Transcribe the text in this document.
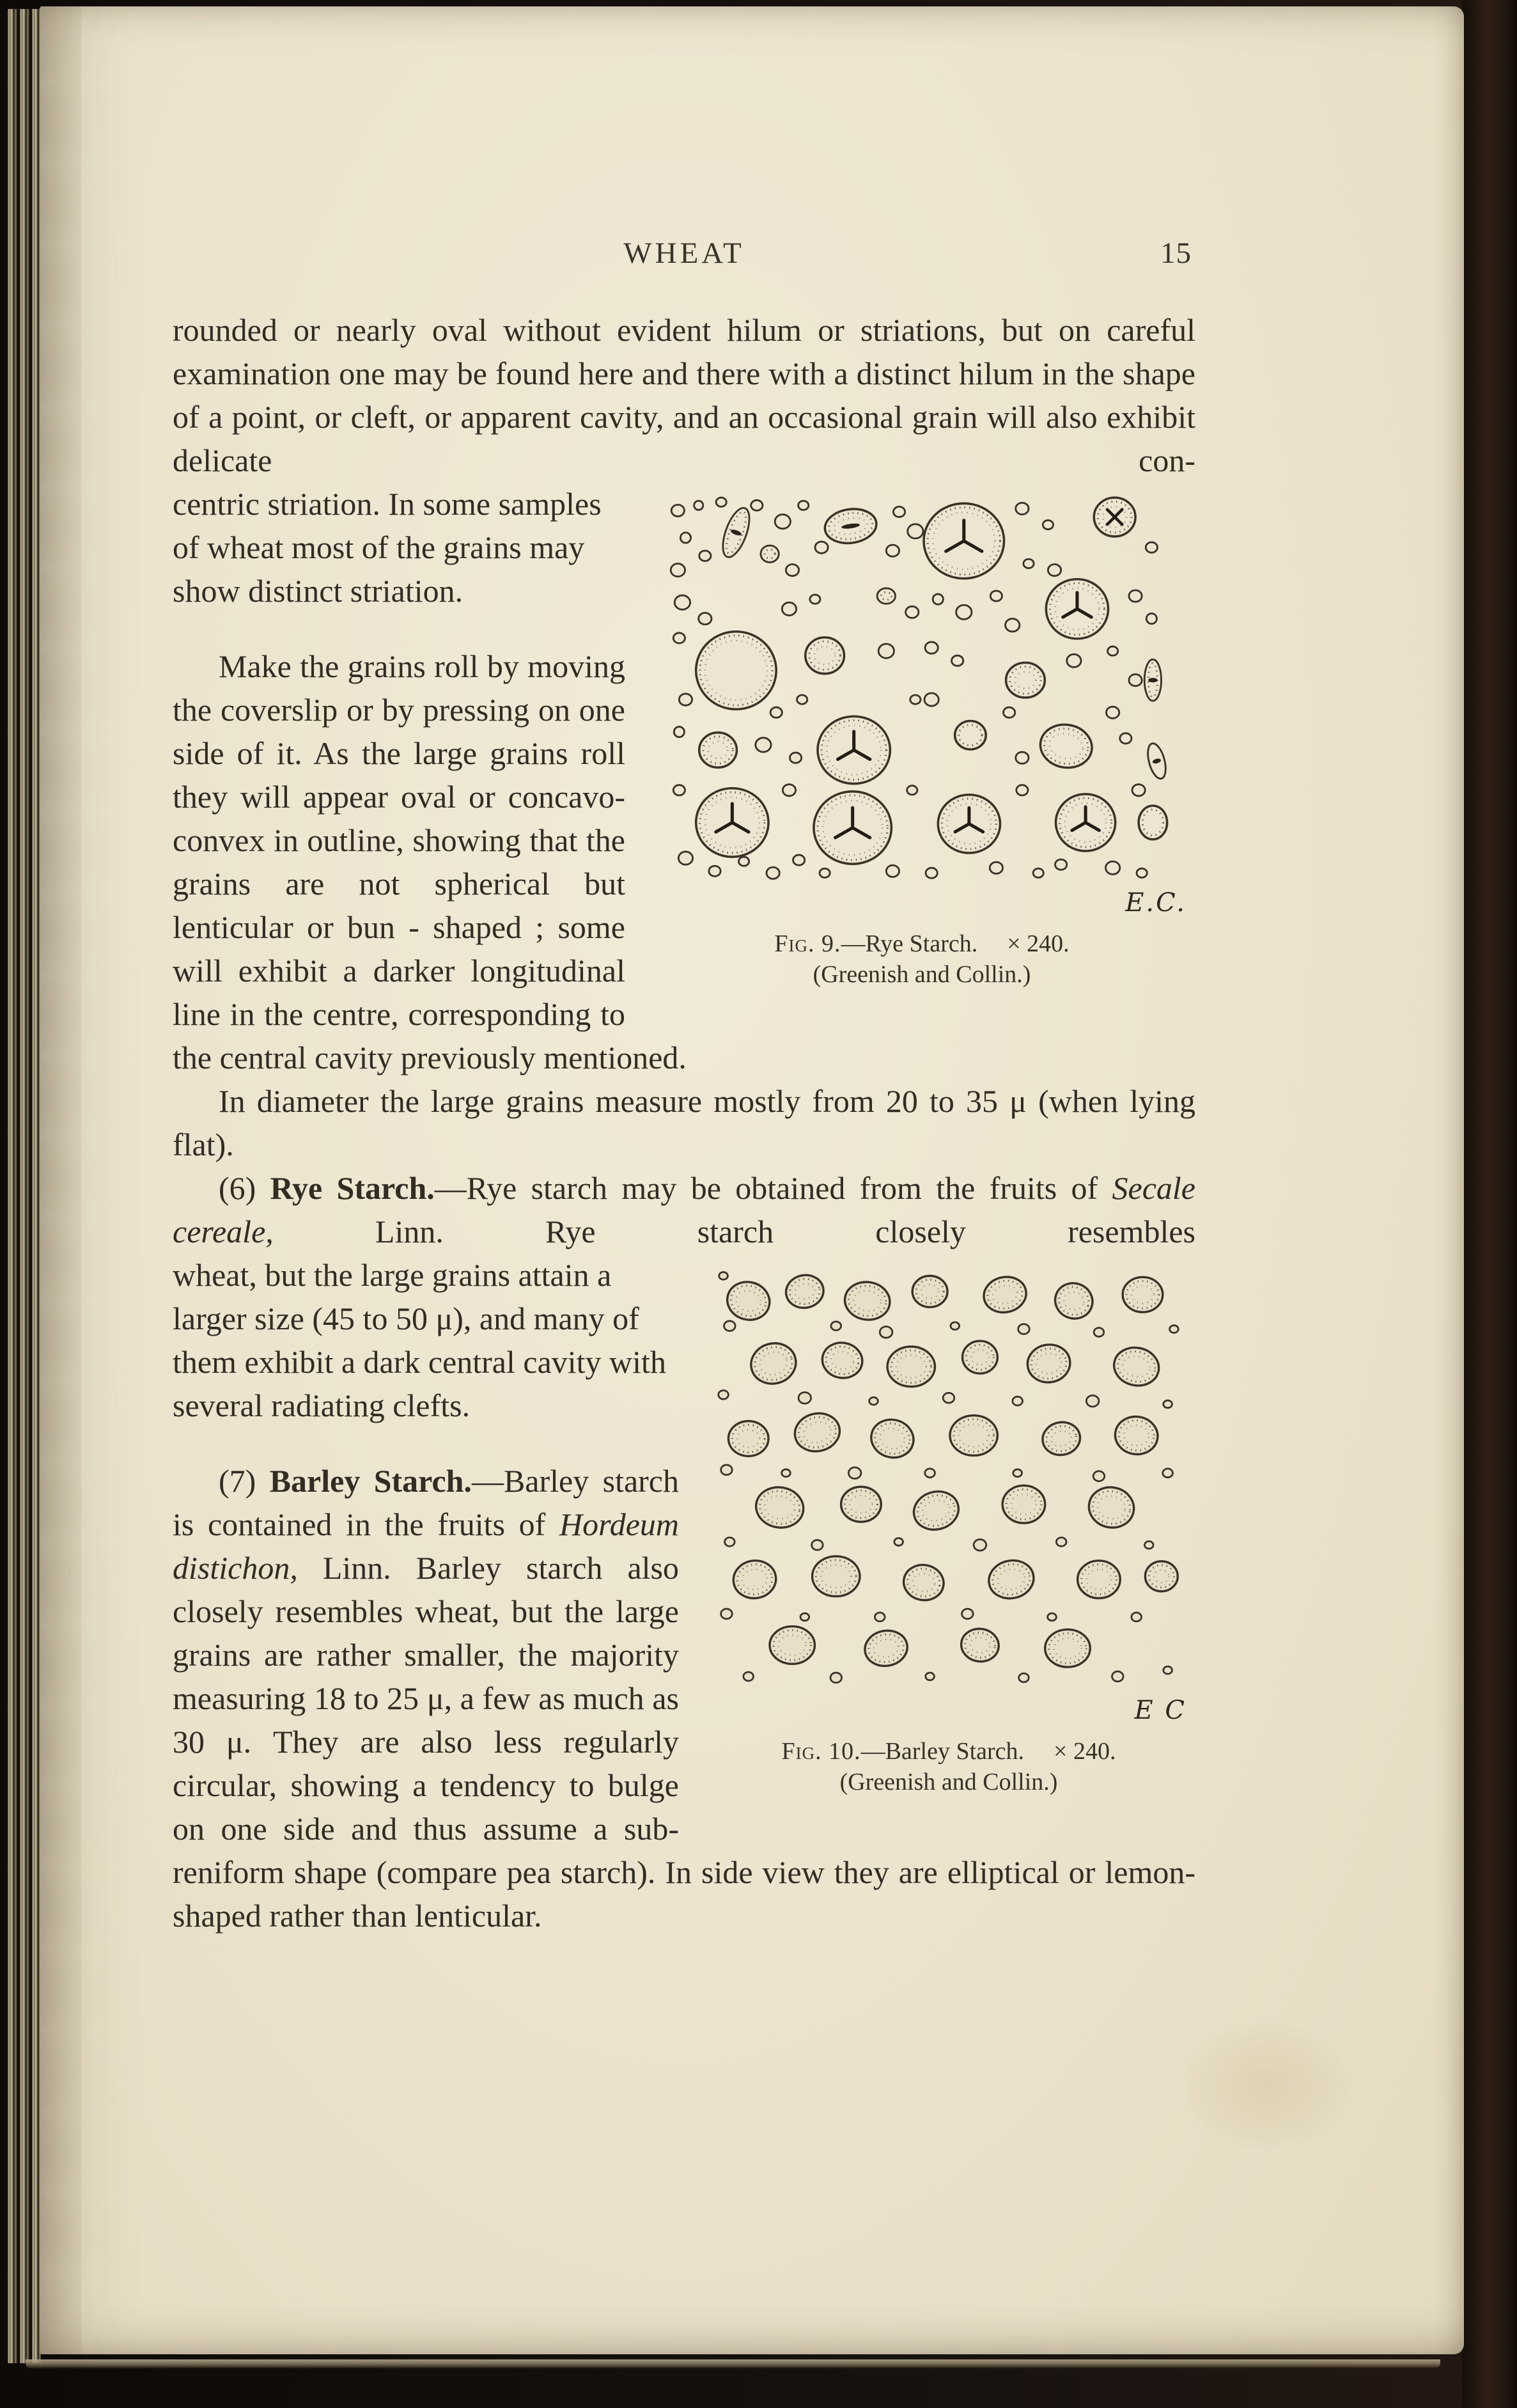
WHEAT	15

rounded or nearly oval without evident hilum or striations, but on careful examination one may be found here and there with a distinct hilum in the shape of a point, or cleft, or apparent cavity, and an occasional grain will also exhibit delicate con-

E.C.
Fig. 9.—Rye Starch. × 240.
(Greenish and Collin.)
centric striation. In some samples of wheat most of the grains may show distinct striation.

Make the grains roll by moving the coverslip or by pressing on one side of it. As the large grains roll they will appear oval or concavo-convex in outline, showing that the grains are not spherical but lenticular or bun - shaped ; some will exhibit a darker longitudinal line in the centre, corresponding to the central cavity previously mentioned.

In diameter the large grains measure mostly from 20 to 35 μ (when lying flat).

(6) Rye Starch.—Rye starch may be obtained from the fruits of Secale cereale, Linn. Rye starch closely resembles

E C
Fig. 10.—Barley Starch. × 240.
(Greenish and Collin.)
wheat, but the large grains attain a larger size (45 to 50 μ), and many of them exhibit a dark central cavity with several radiating clefts.

(7) Barley Starch.—Barley starch is contained in the fruits of Hordeum distichon, Linn. Barley starch also closely resembles wheat, but the large grains are rather smaller, the majority measuring 18 to 25 μ, a few as much as 30 μ. They are also less regularly circular, showing a tendency to bulge on one side and thus assume a sub-reniform shape (compare pea starch). In side view they are elliptical or lemon-shaped rather than lenticular.
